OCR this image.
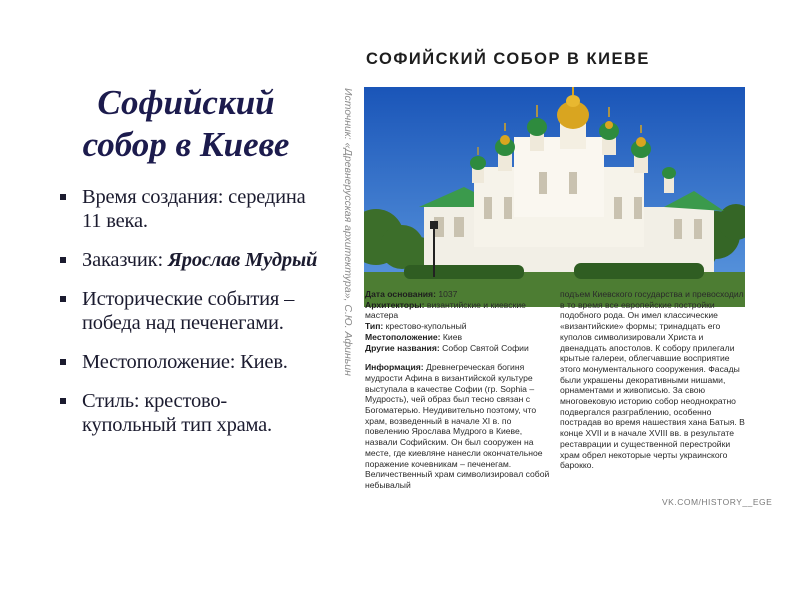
Софийский
собор в Киеве
Время создания: середина 11 века.
Заказчик: Ярослав Мудрый
Исторические события – победа над печенегами.
Местоположение: Киев.
Стиль: крестово-купольный тип храма.
СОФИЙСКИЙ СОБОР В КИЕВЕ
Источник: «Древнерусская архитектура», С.Ю. Афиньин Дата основания: 1037

Архитекторы: византийские и киевские мастера

Тип: крестово-купольный

Местоположение: Киев

Другие названия: Собор Святой Софии

Информация: Древнегреческая богиня мудрости Афина в византийской культуре выступала в качестве Софии (гр. Sophia – Мудрость), чей образ был тесно связан с Богоматерью. Неудивительно поэтому, что храм, возведенный в начале XI в. по повелению Ярослава Мудрого в Киеве, назвали Софийским. Он был сооружен на месте, где киевляне нанесли окончательное поражение кочевникам – печенегам. Величественный храм символизировал собой небывалый

подъем Киевского государства и превосходил в то время все европейские постройки подобного рода. Он имел классические «византийские» формы; тринадцать его куполов символизировали Христа и двенадцать апостолов. К собору прилегали крытые галереи, облегчавшие восприятие этого монументального сооружения. Фасады были украшены декоративными нишами, орнаментами и живописью. За свою многовековую историю собор неоднократно подвергался разграблению, особенно пострадав во время нашествия хана Батыя. В конце XVII и в начале XVIII вв. в результате реставрации и существенной перестройки храм обрел некоторые черты украинского барокко.

VK.COM/HISTORY__EGE
